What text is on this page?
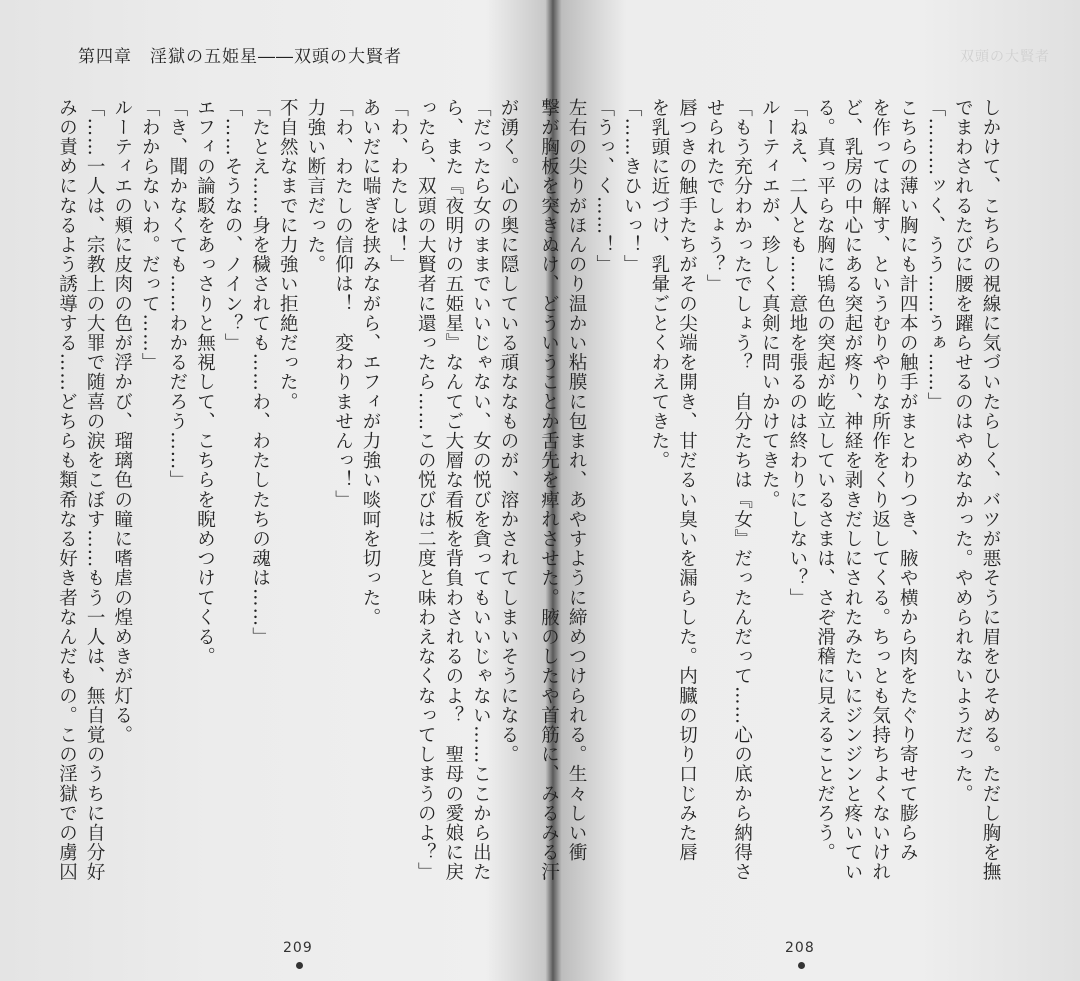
第四章　淫獄の五姫星――双頭の大賢者

が湧く。心の奥に隠している頑ななものが、溶かされてしまいそうになる。

「だったら女のままでいいじゃない、女の悦びを貪ってもいいじゃない……ここから出た

ら、また『夜明けの五姫星』なんてご大層な看板を背負わされるのよ？　聖母の愛娘に戻

ったら、双頭の大賢者に還ったら……この悦びは二度と味わえなくなってしまうのよ？」

「わ、わたしは！」

あいだに喘ぎを挟みながら、エフィが力強い啖呵を切った。

「わ、わたしの信仰は！　変わりませんっ！」

力強い断言だった。

不自然なまでに力強い拒絶だった。

「たとえ……身を穢されても……わ、わたしたちの魂は……」

「……そうなの、ノイン？」

エフィの論駁をあっさりと無視して、こちらを睨めつけてくる。

「き、聞かなくても……わかるだろう……」

「わからないわ。だって……」

ルーティエの頬に皮肉の色が浮かび、瑠璃色の瞳に嗜虐の煌めきが灯る。

「……一人は、宗教上の大罪で随喜の涙をこぼす……もう一人は、無自覚のうちに自分好

みの責めになるよう誘導する……どちらも類希なる好き者なんだもの。この淫獄での虜囚

209
双頭の大賢者

しかけて、こちらの視線に気づいたらしく、バツが悪そうに眉をひそめる。ただし胸を撫

でまわされるたびに腰を躍らせるのはやめなかった。やめられないようだった。

「………ッく、うう……うぁ……」

こちらの薄い胸にも計四本の触手がまとわりつき、腋や横から肉をたぐり寄せて膨らみ

を作っては解す、というむりやりな所作をくり返してくる。ちっとも気持ちよくないけれ

ど、乳房の中心にある突起が疼り、神経を剥きだしにされたみたいにジンジンと疼いてい

る。真っ平らな胸に鴇色の突起が屹立しているさまは、さぞ滑稽に見えることだろう。

「ねえ、二人とも……意地を張るのは終わりにしない？」

ルーティエが、珍しく真剣に問いかけてきた。

「もう充分わかったでしょう？　自分たちは『女』だったんだって……心の底から納得さ

せられたでしょう？」

唇つきの触手たちがその尖端を開き、甘だるい臭いを漏らした。内臓の切り口じみた唇

を乳頭に近づけ、乳暈ごとくわえてきた。

「……きひいっ！」

「うっ、く……！」

左右の尖りがほんのり温かい粘膜に包まれ、あやすように締めつけられる。生々しい衝

撃が胸板を突きぬけ、どういうことか舌先を痺れさせた。腋のしたや首筋に、みるみる汗

208
